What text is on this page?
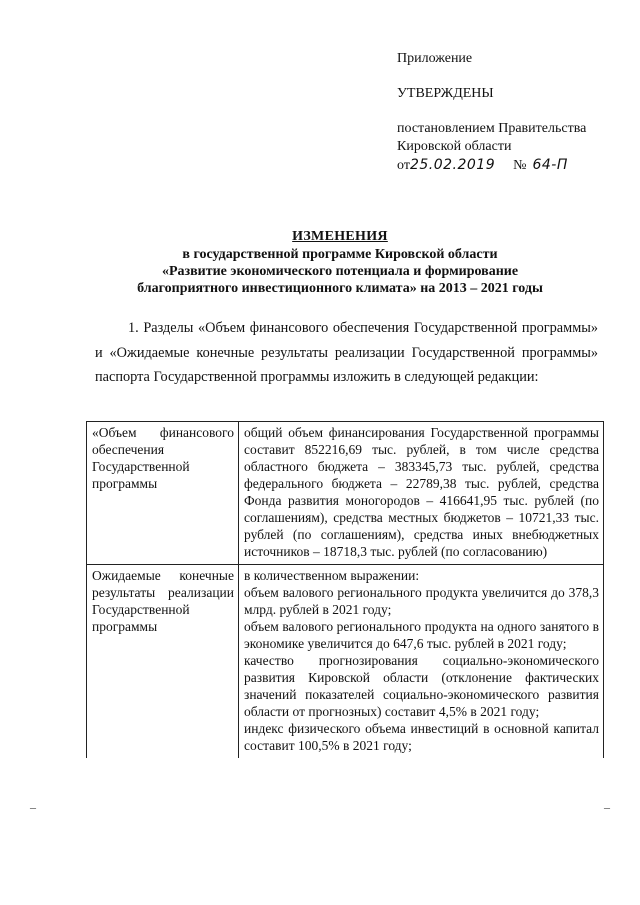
Приложение
УТВЕРЖДЕНЫ
постановлением Правительства
Кировской области
от 25.02.2019 № 64-П
ИЗМЕНЕНИЯ
в государственной программе Кировской области
«Развитие экономического потенциала и формирование
благоприятного инвестиционного климата» на 2013 – 2021 годы

1. Разделы «Объем финансового обеспечения Государственной программы» и «Ожидаемые конечные результаты реализации Государственной программы» паспорта Государственной программы изложить в следующей редакции:

«Объем финансового обеспечения Государственной программы	общий объем финансирования Государственной программы составит 852216,69 тыс. рублей, в том числе средства областного бюджета – 383345,73 тыс. рублей, средства федерального бюджета – 22789,38 тыс. рублей, средства Фонда развития моногородов – 416641,95 тыс. рублей (по соглашениям), средства местных бюджетов – 10721,33 тыс. рублей (по соглашениям), средства иных внебюджетных источников – 18718,3 тыс. рублей (по согласованию)
Ожидаемые конечные результаты реализации Государственной программы	в количественном выражении:

объем валового регионального продукта увеличится до 378,3 млрд. рублей в 2021 году;

объем валового регионального продукта на одного занятого в экономике увеличится до 647,6 тыс. рублей в 2021 году;

качество прогнозирования социально-экономического развития Кировской области (отклонение фактических значений показателей социально-экономического развития области от прогнозных) составит 4,5% в 2021 году;

индекс физического объема инвестиций в основной капитал составит 100,5% в 2021 году;

–	–
